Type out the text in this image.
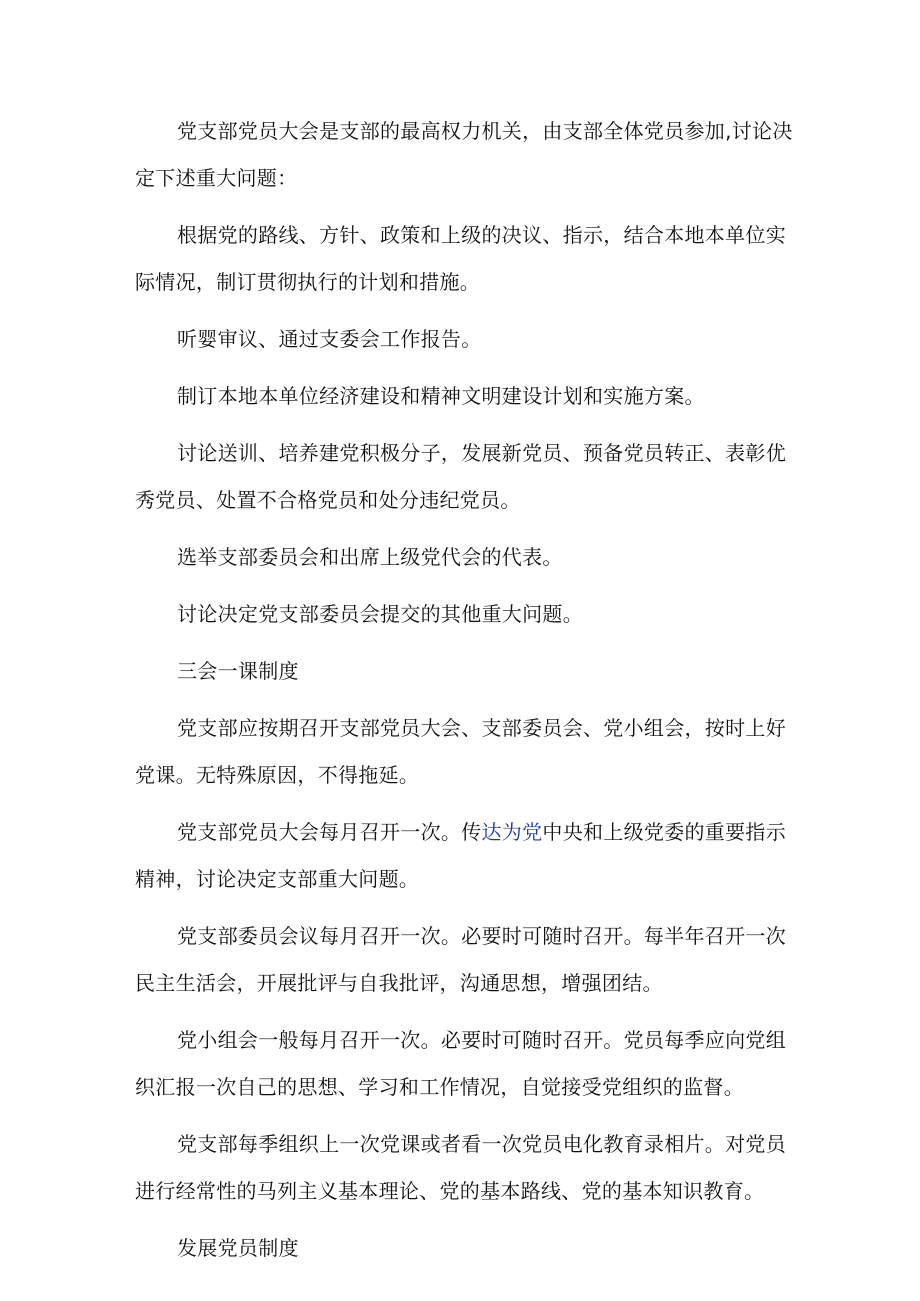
党支部党员大会是支部的最高权力机关，由支部全体党员参加,讨论决定下述重大问题：

根据党的路线、方针、政策和上级的决议、指示，结合本地本单位实际情况，制订贯彻执行的计划和措施。

听婴审议、通过支委会工作报告。

制订本地本单位经济建设和精神文明建设计划和实施方案。

讨论送训、培养建党积极分子，发展新党员、预备党员转正、表彰优秀党员、处置不合格党员和处分违纪党员。

选举支部委员会和出席上级党代会的代表。

讨论决定党支部委员会提交的其他重大问题。

三会一课制度

党支部应按期召开支部党员大会、支部委员会、党小组会，按时上好党课。无特殊原因，不得拖延。

党支部党员大会每月召开一次。传达为党中央和上级党委的重要指示精神，讨论决定支部重大问题。

党支部委员会议每月召开一次。必要时可随时召开。每半年召开一次民主生活会，开展批评与自我批评，沟通思想，增强团结。

党小组会一般每月召开一次。必要时可随时召开。党员每季应向党组织汇报一次自己的思想、学习和工作情况，自觉接受党组织的监督。

党支部每季组织上一次党课或者看一次党员电化教育录相片。对党员进行经常性的马列主义基本理论、党的基本路线、党的基本知识教育。

发展党员制度
